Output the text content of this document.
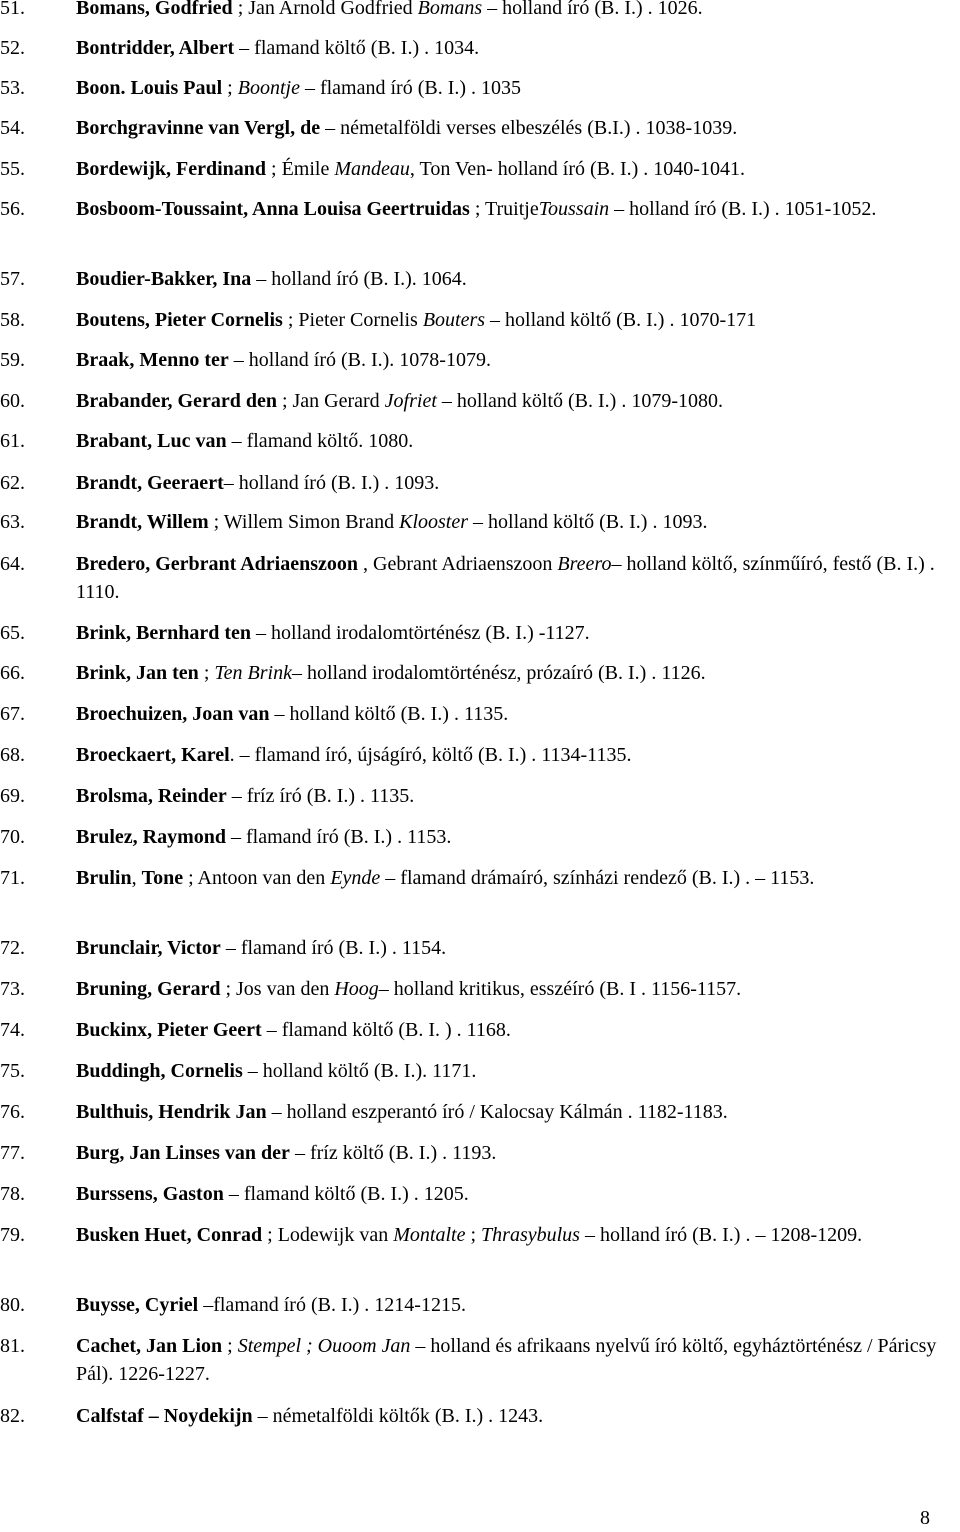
51.	Bomans, Godfried ; Jan Arnold Godfried Bomans – holland író (B. I.) . 1026.
52.	Bontridder, Albert – flamand költő (B. I.) . 1034.
53.	Boon. Louis Paul ; Boontje – flamand író (B. I.) . 1035
54.	Borchgravinne van Vergl, de – németalföldi verses elbeszélés (B.I.) . 1038-1039.
55.	Bordewijk, Ferdinand ; Émile Mandeau, Ton Ven- holland író (B. I.) . 1040-1041.
56.	Bosboom-Toussaint, Anna Louisa Geertruidas ; TruitjeToussain – holland író (B. I.) . 1051-1052.
57.	Boudier-Bakker, Ina – holland író (B. I.). 1064.
58.	Boutens, Pieter Cornelis ; Pieter Cornelis Bouters – holland költő (B. I.) . 1070-171
59.	Braak, Menno ter – holland író (B. I.). 1078-1079.
60.	Brabander, Gerard den ; Jan Gerard Jofriet – holland költő (B. I.) . 1079-1080.
61.	Brabant, Luc van – flamand költő. 1080.
62.	Brandt, Geeraert– holland író (B. I.) . 1093.
63.	Brandt, Willem ; Willem Simon Brand Klooster – holland költő (B. I.) . 1093.
64.	Bredero, Gerbrant Adriaenszoon , Gebrant Adriaenszoon Breero– holland költő, színműíró, festő (B. I.) . 1110.
65.	Brink, Bernhard ten – holland irodalomtörténész (B. I.) -1127.
66.	Brink, Jan ten ; Ten Brink– holland irodalomtörténész, prózaíró (B. I.) . 1126.
67.	Broechuizen, Joan van – holland költő (B. I.) . 1135.
68.	Broeckaert, Karel. – flamand író, újságíró, költő (B. I.) . 1134-1135.
69.	Brolsma, Reinder – fríz író (B. I.) . 1135.
70.	Brulez, Raymond – flamand író (B. I.) . 1153.
71.	Brulin, Tone ; Antoon van den Eynde – flamand drámaíró, színházi rendező (B. I.) . – 1153.
72.	Brunclair, Victor – flamand író (B. I.) . 1154.
73.	Bruning, Gerard ; Jos van den Hoog– holland kritikus, esszéíró (B. I . 1156-1157.
74.	Buckinx, Pieter Geert – flamand költő (B. I. ) . 1168.
75.	Buddingh, Cornelis – holland költő (B. I.). 1171.
76.	Bulthuis, Hendrik Jan – holland eszperantó író / Kalocsay Kálmán . 1182-1183.
77.	Burg, Jan Linses van der – fríz költő (B. I.) . 1193.
78.	Burssens, Gaston – flamand költő (B. I.) . 1205.
79.	Busken Huet, Conrad ; Lodewijk van Montalte ; Thrasybulus – holland író (B. I.) . – 1208-1209.
80.	Buysse, Cyriel –flamand író (B. I.) . 1214-1215.
81.	Cachet, Jan Lion ; Stempel ; Ouoom Jan – holland és afrikaans nyelvű író költő, egyháztörténész / Páricsy Pál). 1226-1227.
82.	Calfstaf – Noydekijn – németalföldi költők (B. I.) . 1243.
8
